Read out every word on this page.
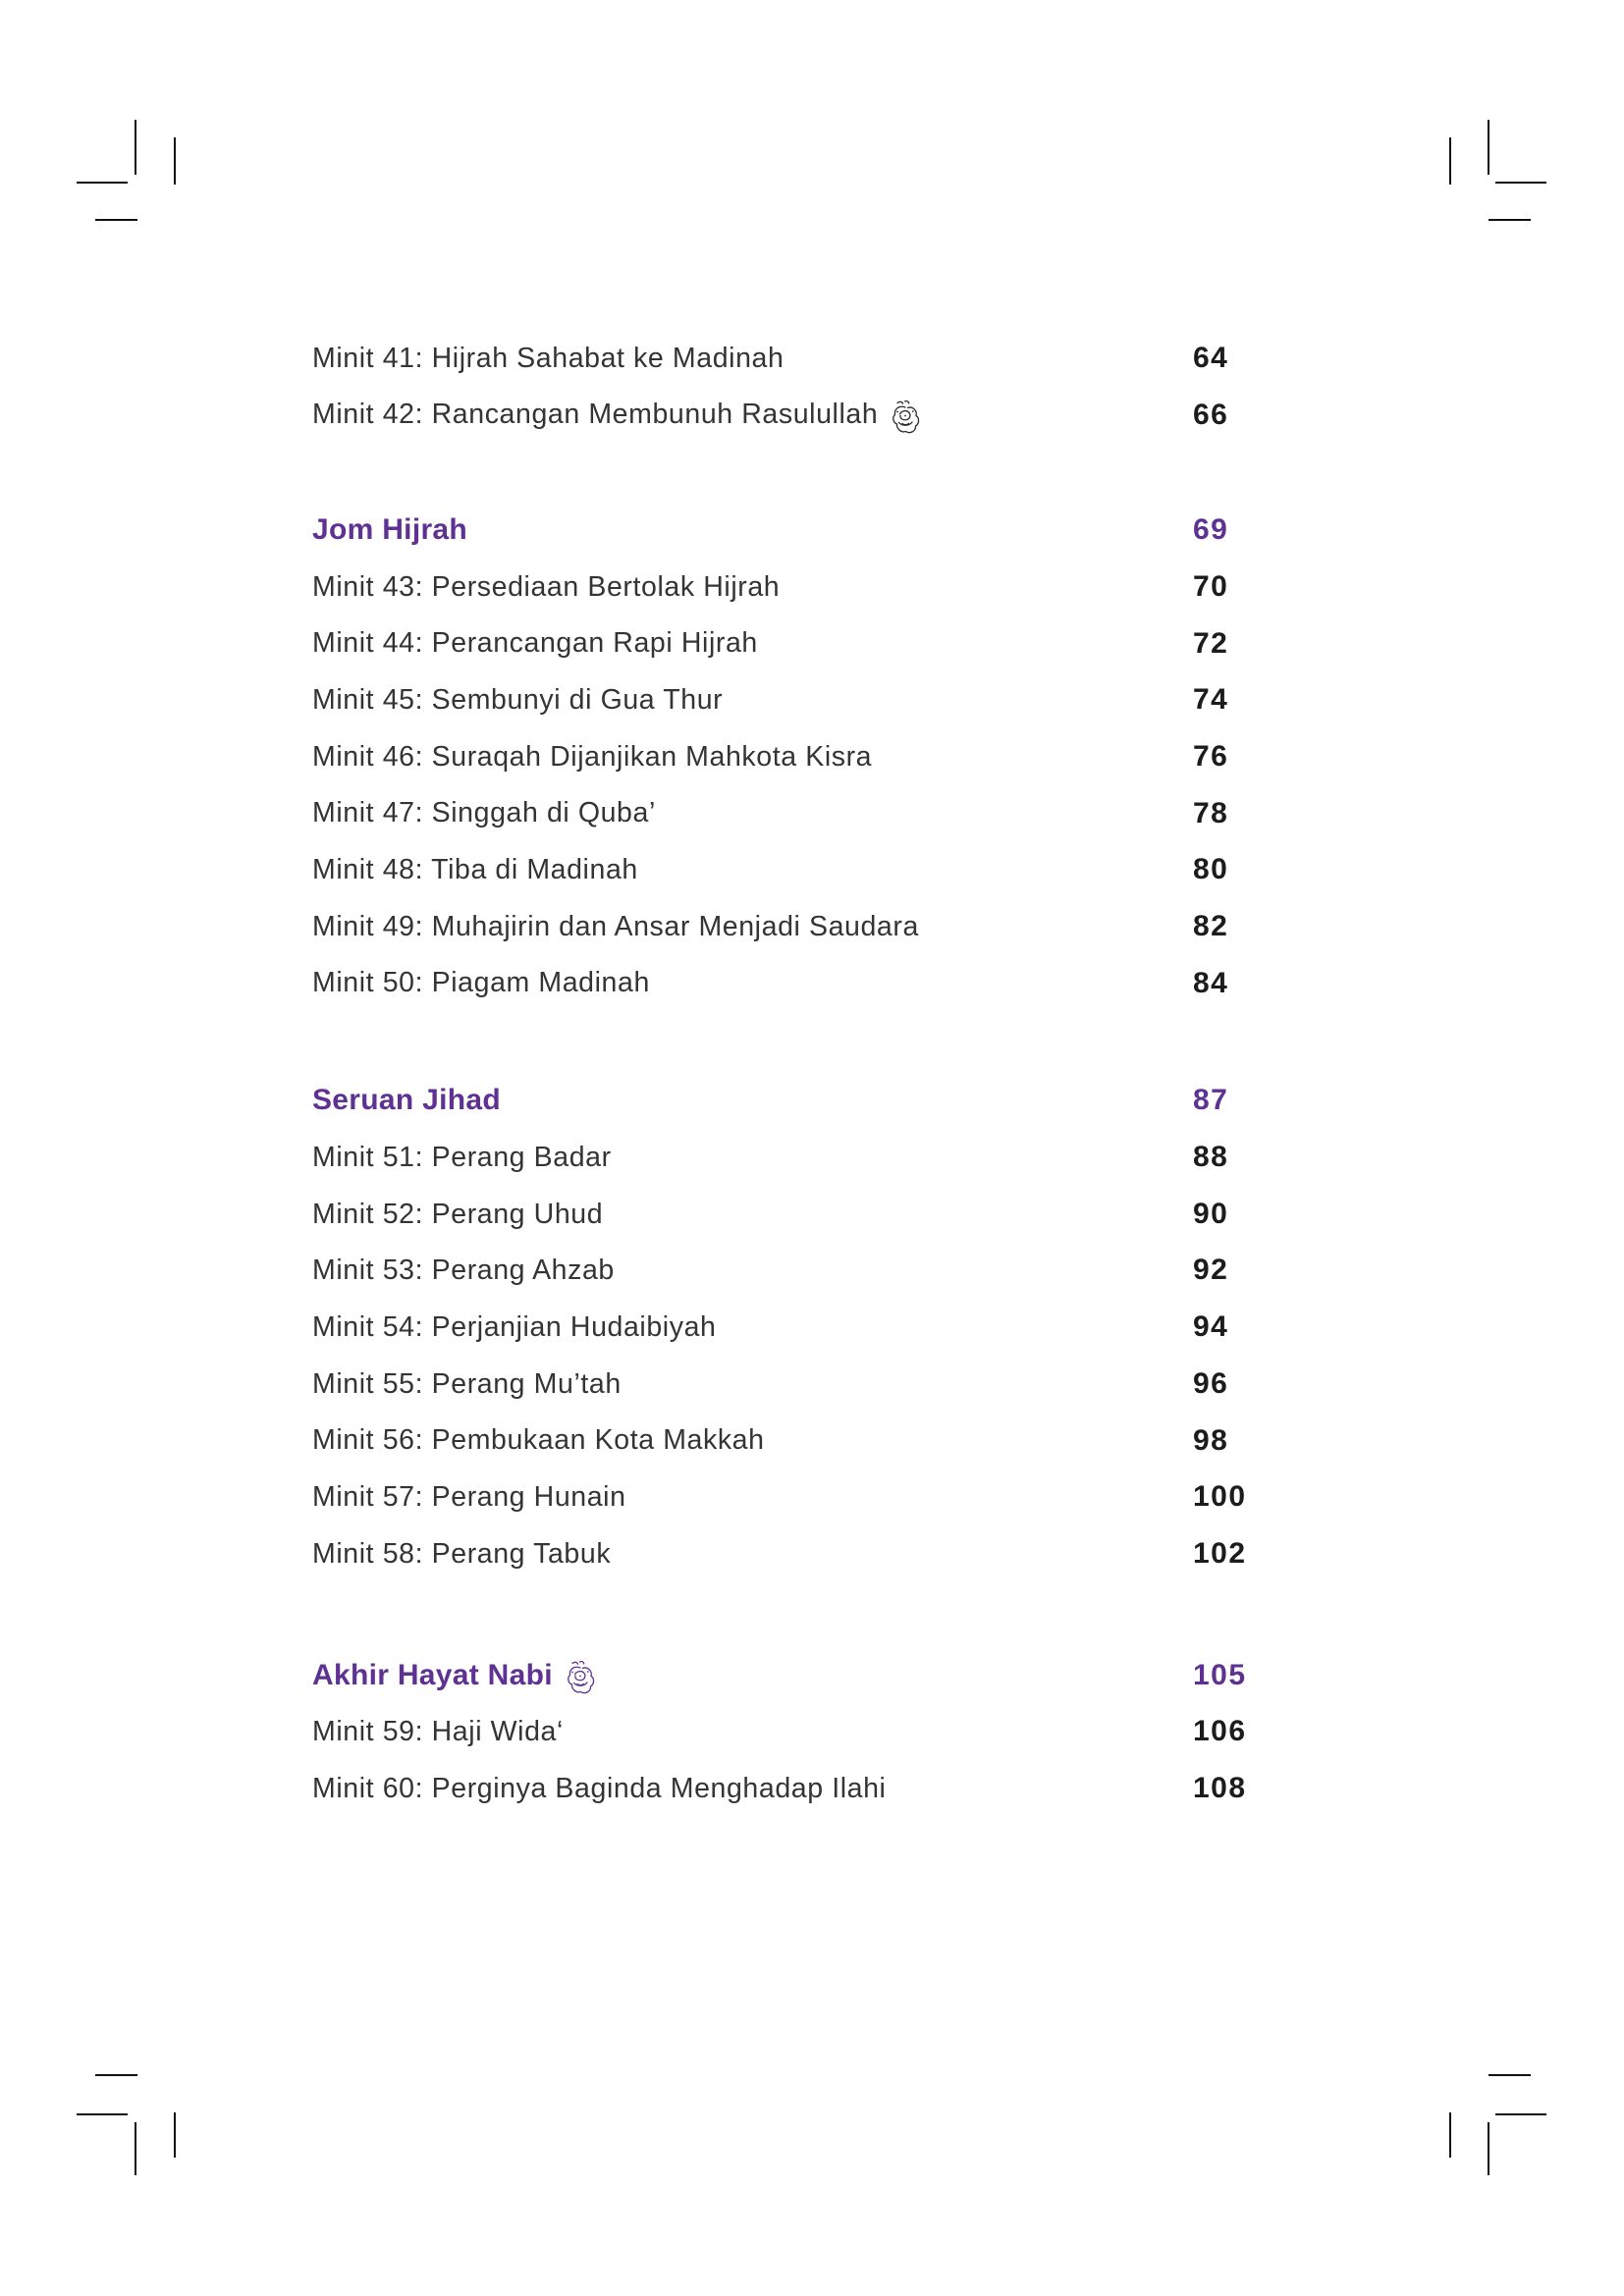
Minit 41: Hijrah Sahabat ke Madinah	64
Minit 42: Rancangan Membunuh Rasulullah	66
Jom Hijrah	69
Minit 43: Persediaan Bertolak Hijrah	70
Minit 44: Perancangan Rapi Hijrah	72
Minit 45: Sembunyi di Gua Thur	74
Minit 46: Suraqah Dijanjikan Mahkota Kisra	76
Minit 47: Singgah di Quba’	78
Minit 48: Tiba di Madinah	80
Minit 49: Muhajirin dan Ansar Menjadi Saudara	82
Minit 50: Piagam Madinah	84
Seruan Jihad	87
Minit 51: Perang Badar	88
Minit 52: Perang Uhud	90
Minit 53: Perang Ahzab	92
Minit 54: Perjanjian Hudaibiyah	94
Minit 55: Perang Mu’tah	96
Minit 56: Pembukaan Kota Makkah	98
Minit 57: Perang Hunain	100
Minit 58: Perang Tabuk	102
Akhir Hayat Nabi	105
Minit 59: Haji Wida‘	106
Minit 60: Perginya Baginda Menghadap Ilahi	108
